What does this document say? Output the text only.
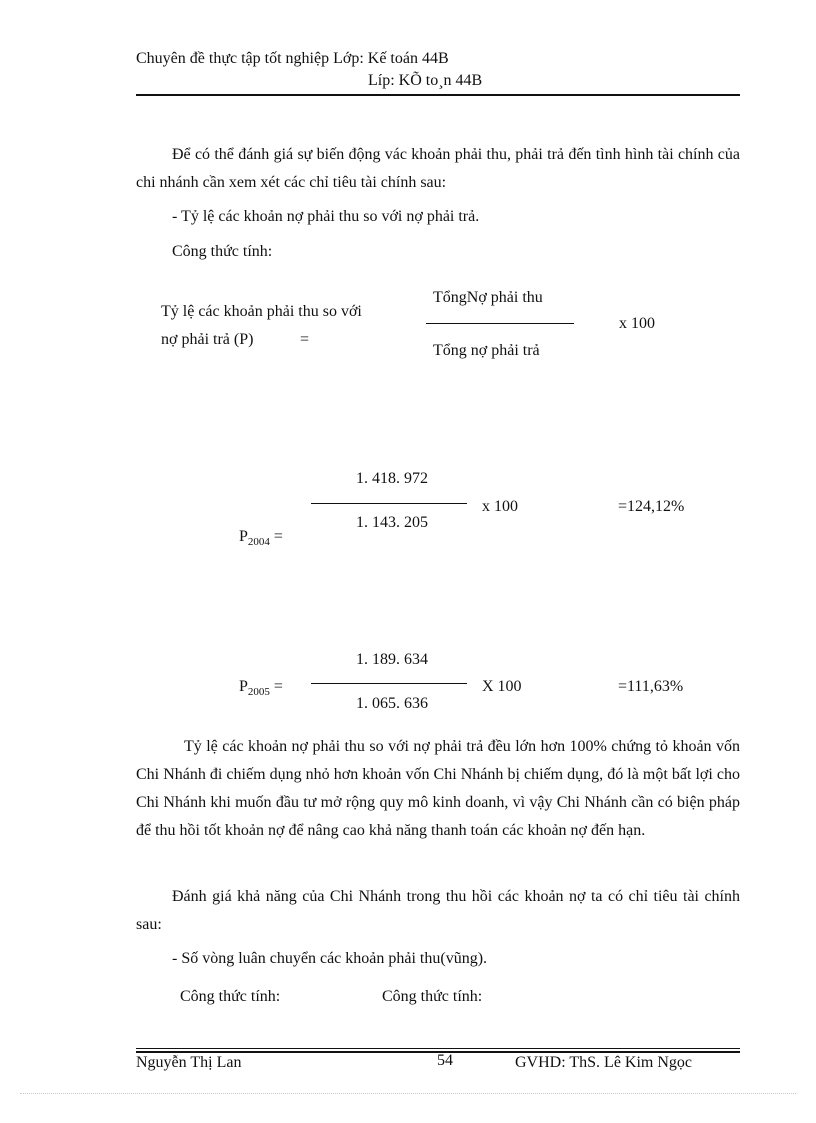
Chuyên đề thực tập tốt nghiệp Lớp: Kế toán 44B
Líp: KÕ to¸n 44B
Để có thể đánh giá sự biến động vác khoản phải thu, phải trả đến tình hình tài chính của chi nhánh cần xem xét các chỉ tiêu tài chính sau:
- Tỷ lệ các khoản nợ phải thu so với nợ phải trả.
Công thức tính:
Tỷ lệ các khoản phải thu so với
nợ phải trả (P)	=
TổngNợ phải thu
Tổng nợ phải trả
x 100
1. 418. 972
1. 143. 205
x 100	=124,12%
$P_{2004}$ =
1. 189. 634
1. 065. 636
X 100	=111,63%
$P_{2005}$ =
Tỷ lệ các khoản nợ phải thu so với nợ phải trả đều lớn hơn 100% chứng tỏ khoản vốn Chi Nhánh đi chiếm dụng nhỏ hơn khoản vốn Chi Nhánh bị chiếm dụng, đó là một bất lợi cho Chi Nhánh khi muốn đầu tư mở rộng quy mô kinh doanh, vì vậy Chi Nhánh cần có biện pháp để thu hồi tốt khoản nợ để nâng cao khả năng thanh toán các khoản nợ đến hạn.
Đánh giá khả năng của Chi Nhánh trong thu hồi các khoản nợ ta có chỉ tiêu tài chính sau:
- Số vòng luân chuyển các khoản phải thu(vũng).
Công thức tính:	Công thức tính:
Nguyễn Thị Lan	54	GVHD: ThS. Lê Kim Ngọc
